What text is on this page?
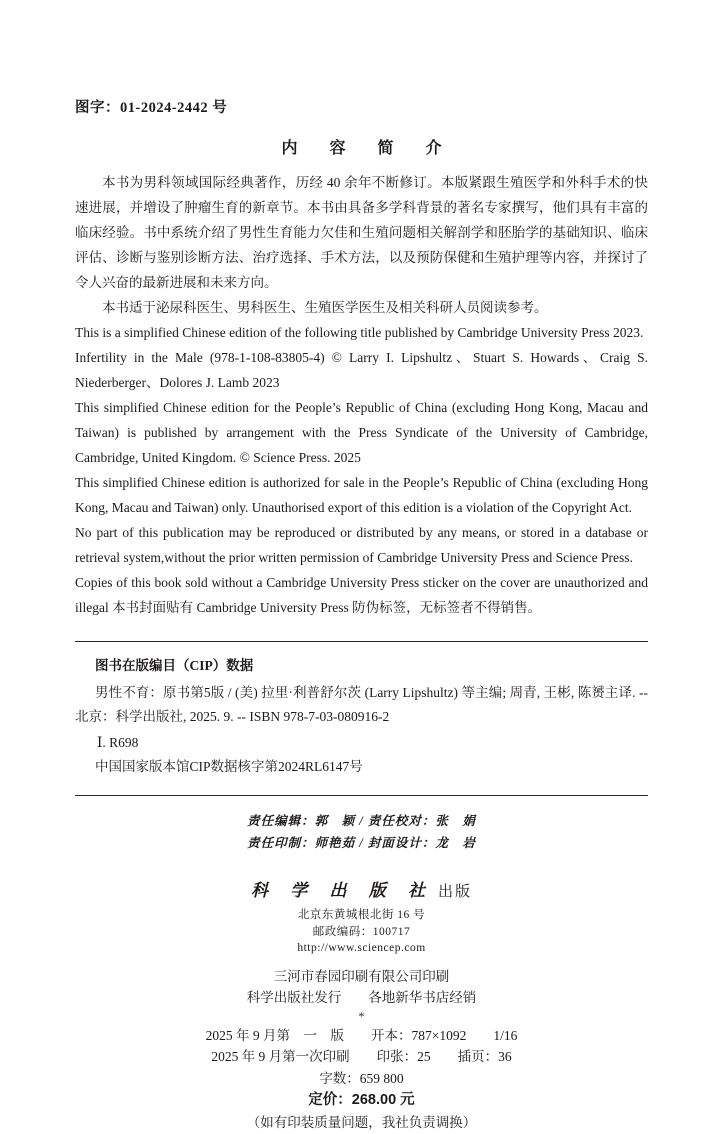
图字：01-2024-2442 号
内 容 简 介

本书为男科领域国际经典著作，历经 40 余年不断修订。本版紧跟生殖医学和外科手术的快速进展，并增设了肿瘤生育的新章节。本书由具备多学科背景的著名专家撰写，他们具有丰富的临床经验。书中系统介绍了男性生育能力欠佳和生殖问题相关解剖学和胚胎学的基础知识、临床评估、诊断与鉴别诊断方法、治疗选择、手术方法，以及预防保健和生殖护理等内容，并探讨了令人兴奋的最新进展和未来方向。

本书适于泌尿科医生、男科医生、生殖医学医生及相关科研人员阅读参考。

This is a simplified Chinese edition of the following title published by Cambridge University Press 2023.

Infertility in the Male (978-1-108-83805-4) © Larry I. Lipshultz、Stuart S. Howards、Craig S. Niederberger、Dolores J. Lamb 2023

This simplified Chinese edition for the People’s Republic of China (excluding Hong Kong, Macau and Taiwan) is published by arrangement with the Press Syndicate of the University of Cambridge, Cambridge, United Kingdom. © Science Press. 2025

This simplified Chinese edition is authorized for sale in the People’s Republic of China (excluding Hong Kong, Macau and Taiwan) only. Unauthorised export of this edition is a violation of the Copyright Act.

No part of this publication may be reproduced or distributed by any means, or stored in a database or retrieval system,without the prior written permission of Cambridge University Press and Science Press.

Copies of this book sold without a Cambridge University Press sticker on the cover are unauthorized and illegal 本书封面贴有 Cambridge University Press 防伪标签，无标签者不得销售。

图书在版编目（CIP）数据
男性不育：原书第5版 / (美) 拉里·利普舒尔茨 (Larry Lipshultz) 等主编; 周青, 王彬, 陈赟主译. -- 北京：科学出版社, 2025. 9. -- ISBN 978-7-03-080916-2
Ⅰ. R698
中国国家版本馆CIP数据核字第2024RL6147号
责任编辑：郭　颖 / 责任校对：张　娟
责任印制：师艳茹 / 封面设计：龙　岩
科 学 出 版 社 出版
北京东黄城根北街 16 号
邮政编码：100717
http://www.sciencep.com
三河市春园印刷有限公司印刷
科学出版社发行　　各地新华书店经销
*
2025 年 9 月第　一　版　　开本：787×1092　　1/16
2025 年 9 月第一次印刷　　印张：25　　插页：36
字数：659 800
定价：268.00 元
（如有印装质量问题，我社负责调换）
